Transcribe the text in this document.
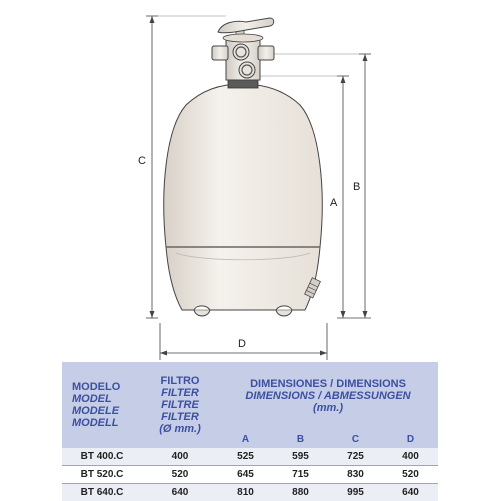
C
A
B
D
MODELO
MODEL
MODELE
MODELL	FILTRO
FILTER
FILTRE
FILTER
(Ø mm.)	DIMENSIONES / DIMENSIONS
DIMENSIONS / ABMESSUNGEN
(mm.)			

		A	B	C	D
BT 400.C	400	525	595	725	400
BT 520.C	520	645	715	830	520
BT 640.C	640	810	880	995	640
